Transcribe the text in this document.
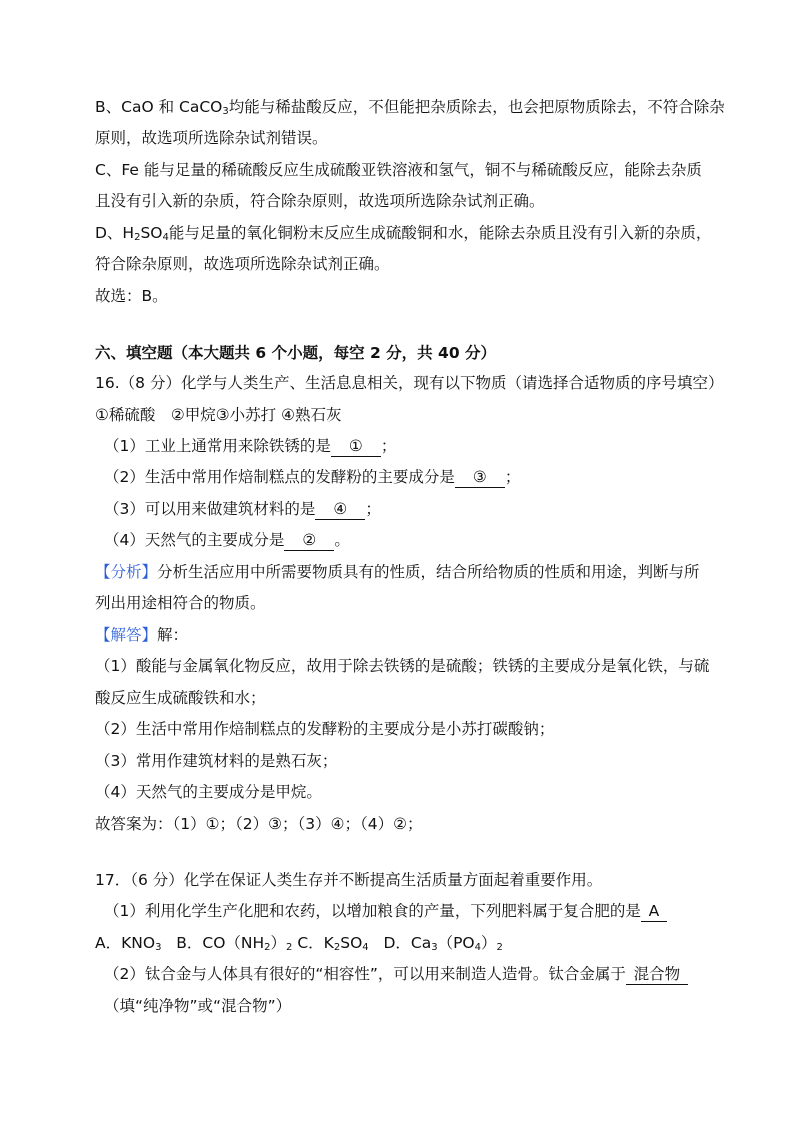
B、CaO 和 CaCO$_3$均能与稀盐酸反应，不但能把杂质除去，也会把原物质除去，不符合除杂
原则，故选项所选除杂试剂错误。
C、Fe 能与足量的稀硫酸反应生成硫酸亚铁溶液和氢气，铜不与稀硫酸反应，能除去杂质
且没有引入新的杂质，符合除杂原则，故选项所选除杂试剂正确。
D、$H_2SO_4$能与足量的氧化铜粉末反应生成硫酸铜和水，能除去杂质且没有引入新的杂质，
符合除杂原则，故选项所选除杂试剂正确。
故选：B。
六、填空题（本大题共 6 个小题，每空 2 分，共 40 分）
16.（8 分）化学与人类生产、生活息息相关，现有以下物质（请选择合适物质的序号填空）
①稀硫酸　②甲烷③小苏打 ④熟石灰
（1）工业上通常用来除铁锈的是 ① ；
（2）生活中常用作焙制糕点的发酵粉的主要成分是 ③ ；
（3）可以用来做建筑材料的是 ④ ；
（4）天然气的主要成分是 ② 。
【分析】分析生活应用中所需要物质具有的性质，结合所给物质的性质和用途，判断与所
列出用途相符合的物质。
【解答】解：
（1）酸能与金属氧化物反应，故用于除去铁锈的是硫酸；铁锈的主要成分是氧化铁，与硫
酸反应生成硫酸铁和水；
（2）生活中常用作焙制糕点的发酵粉的主要成分是小苏打碳酸钠；
（3）常用作建筑材料的是熟石灰；
（4）天然气的主要成分是甲烷。
故答案为：（1）①；（2）③；（3）④；（4）②；
17．（6 分）化学在保证人类生存并不断提高生活质量方面起着重要作用。
（1）利用化学生产化肥和农药，以增加粮食的产量，下列肥料属于复合肥的是 A
A．$KNO_3$ B．$CO(NH_2)_2$ C．$K_2SO_4$ D．$Ca_3(PO_4)_2$
（2）钛合金与人体具有很好的“相容性”，可以用来制造人造骨。钛合金属于 混合物
（填“纯净物”或“混合物”）
